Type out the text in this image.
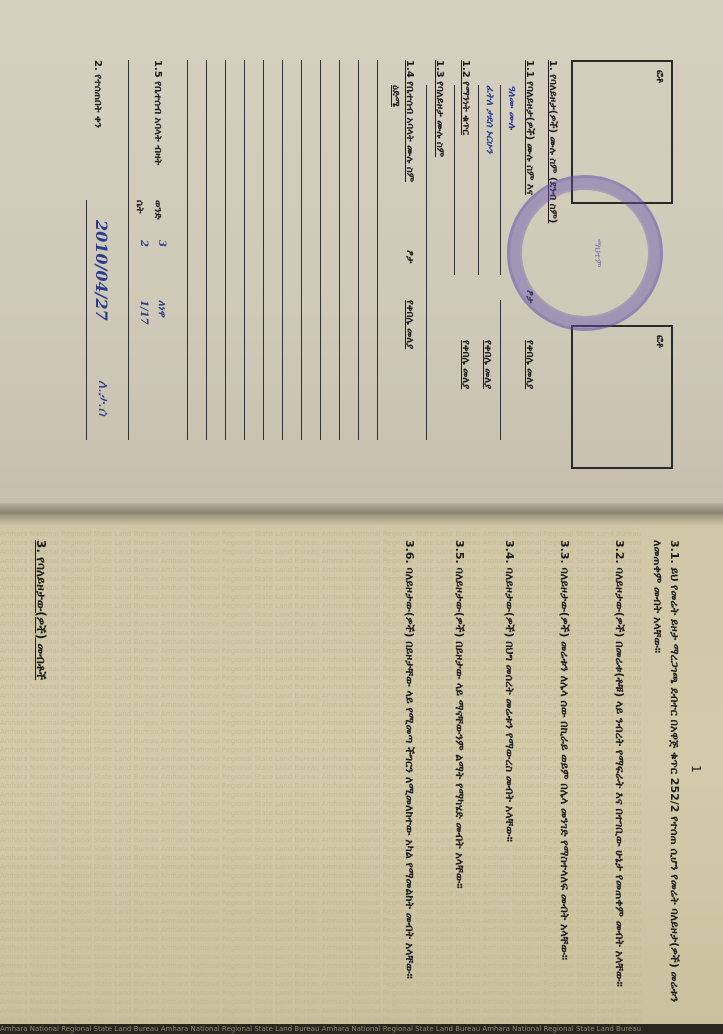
Amhara National Regional State Land Bureau Amhara National Regional State Land Bureau Amhara National Regional State Land Bureau Amhara National Regional State Land Bureau
Amhara National Regional State Land Bureau Amhara National Regional State Land Bureau Amhara National Regional State Land Bureau Amhara National Regional State Land Bureau
Amhara National Regional State Land Bureau Amhara National Regional State Land Bureau Amhara National Regional State Land Bureau Amhara National Regional State Land Bureau
Amhara National Regional State Land Bureau Amhara National Regional State Land Bureau Amhara National Regional State Land Bureau Amhara National Regional State Land Bureau
Amhara National Regional State Land Bureau Amhara National Regional State Land Bureau Amhara National Regional State Land Bureau Amhara National Regional State Land Bureau
Amhara National Regional State Land Bureau Amhara National Regional State Land Bureau Amhara National Regional State Land Bureau Amhara National Regional State Land Bureau
Amhara National Regional State Land Bureau Amhara National Regional State Land Bureau Amhara National Regional State Land Bureau Amhara National Regional State Land Bureau
Amhara National Regional State Land Bureau Amhara National Regional State Land Bureau Amhara National Regional State Land Bureau Amhara National Regional State Land Bureau
Amhara National Regional State Land Bureau Amhara National Regional State Land Bureau Amhara National Regional State Land Bureau Amhara National Regional State Land Bureau
Amhara National Regional State Land Bureau Amhara National Regional State Land Bureau Amhara National Regional State Land Bureau Amhara National Regional State Land Bureau
Amhara National Regional State Land Bureau Amhara National Regional State Land Bureau Amhara National Regional State Land Bureau Amhara National Regional State Land Bureau
Amhara National Regional State Land Bureau Amhara National Regional State Land Bureau Amhara National Regional State Land Bureau Amhara National Regional State Land Bureau
Amhara National Regional State Land Bureau Amhara National Regional State Land Bureau Amhara National Regional State Land Bureau Amhara National Regional State Land Bureau
Amhara National Regional State Land Bureau Amhara National Regional State Land Bureau Amhara National Regional State Land Bureau Amhara National Regional State Land Bureau
Amhara National Regional State Land Bureau Amhara National Regional State Land Bureau Amhara National Regional State Land Bureau Amhara National Regional State Land Bureau
Amhara National Regional State Land Bureau Amhara National Regional State Land Bureau Amhara National Regional State Land Bureau Amhara National Regional State Land Bureau
Amhara National Regional State Land Bureau Amhara National Regional State Land Bureau Amhara National Regional State Land Bureau Amhara National Regional State Land Bureau
Amhara National Regional State Land Bureau Amhara National Regional State Land Bureau Amhara National Regional State Land Bureau Amhara National Regional State Land Bureau
Amhara National Regional State Land Bureau Amhara National Regional State Land Bureau Amhara National Regional State Land Bureau Amhara National Regional State Land Bureau
Amhara National Regional State Land Bureau Amhara National Regional State Land Bureau Amhara National Regional State Land Bureau Amhara National Regional State Land Bureau
Amhara National Regional State Land Bureau Amhara National Regional State Land Bureau Amhara National Regional State Land Bureau Amhara National Regional State Land Bureau
Amhara National Regional State Land Bureau Amhara National Regional State Land Bureau Amhara National Regional State Land Bureau Amhara National Regional State Land Bureau
Amhara National Regional State Land Bureau Amhara National Regional State Land Bureau Amhara National Regional State Land Bureau Amhara National Regional State Land Bureau
Amhara National Regional State Land Bureau Amhara National Regional State Land Bureau Amhara National Regional State Land Bureau Amhara National Regional State Land Bureau
Amhara National Regional State Land Bureau Amhara National Regional State Land Bureau Amhara National Regional State Land Bureau Amhara National Regional State Land Bureau
Amhara National Regional State Land Bureau Amhara National Regional State Land Bureau Amhara National Regional State Land Bureau Amhara National Regional State Land Bureau
Amhara National Regional State Land Bureau Amhara National Regional State Land Bureau Amhara National Regional State Land Bureau Amhara National Regional State Land Bureau
Amhara National Regional State Land Bureau Amhara National Regional State Land Bureau Amhara National Regional State Land Bureau Amhara National Regional State Land Bureau
Amhara National Regional State Land Bureau Amhara National Regional State Land Bureau Amhara National Regional State Land Bureau Amhara National Regional State Land Bureau
Amhara National Regional State Land Bureau Amhara National Regional State Land Bureau Amhara National Regional State Land Bureau Amhara National Regional State Land Bureau
Amhara National Regional State Land Bureau Amhara National Regional State Land Bureau Amhara National Regional State Land Bureau Amhara National Regional State Land Bureau
Amhara National Regional State Land Bureau Amhara National Regional State Land Bureau Amhara National Regional State Land Bureau Amhara National Regional State Land Bureau
Amhara National Regional State Land Bureau Amhara National Regional State Land Bureau Amhara National Regional State Land Bureau Amhara National Regional State Land Bureau
Amhara National Regional State Land Bureau Amhara National Regional State Land Bureau Amhara National Regional State Land Bureau Amhara National Regional State Land Bureau
Amhara National Regional State Land Bureau Amhara National Regional State Land Bureau Amhara National Regional State Land Bureau Amhara National Regional State Land Bureau
Amhara National Regional State Land Bureau Amhara National Regional State Land Bureau Amhara National Regional State Land Bureau Amhara National Regional State Land Bureau
Amhara National Regional State Land Bureau Amhara National Regional State Land Bureau Amhara National Regional State Land Bureau Amhara National Regional State Land Bureau
Amhara National Regional State Land Bureau Amhara National Regional State Land Bureau Amhara National Regional State Land Bureau Amhara National Regional State Land Bureau
Amhara National Regional State Land Bureau Amhara National Regional State Land Bureau Amhara National Regional State Land Bureau Amhara National Regional State Land Bureau
Amhara National Regional State Land Bureau Amhara National Regional State Land Bureau Amhara National Regional State Land Bureau Amhara National Regional State Land Bureau
Amhara National Regional State Land Bureau Amhara National Regional State Land Bureau Amhara National Regional State Land Bureau Amhara National Regional State Land Bureau
Amhara National Regional State Land Bureau Amhara National Regional State Land Bureau Amhara National Regional State Land Bureau Amhara National Regional State Land Bureau
Amhara National Regional State Land Bureau Amhara National Regional State Land Bureau Amhara National Regional State Land Bureau Amhara National Regional State Land Bureau
Amhara National Regional State Land Bureau Amhara National Regional State Land Bureau Amhara National Regional State Land Bureau Amhara National Regional State Land Bureau
Amhara National Regional State Land Bureau Amhara National Regional State Land Bureau Amhara National Regional State Land Bureau Amhara National Regional State Land Bureau
Amhara National Regional State Land Bureau Amhara National Regional State Land Bureau Amhara National Regional State Land Bureau Amhara National Regional State Land Bureau
Amhara National Regional State Land Bureau Amhara National Regional State Land Bureau Amhara National Regional State Land Bureau Amhara National Regional State Land Bureau
Amhara National Regional State Land Bureau Amhara National Regional State Land Bureau Amhara National Regional State Land Bureau Amhara National Regional State Land Bureau
Amhara National Regional State Land Bureau Amhara National Regional State Land Bureau Amhara National Regional State Land Bureau Amhara National Regional State Land Bureau
Amhara National Regional State Land Bureau Amhara National Regional State Land Bureau Amhara National Regional State Land Bureau Amhara National Regional State Land Bureau
Amhara National Regional State Land Bureau Amhara National Regional State Land Bureau Amhara National Regional State Land Bureau Amhara National Regional State Land Bureau
Amhara National Regional State Land Bureau Amhara National Regional State Land Bureau Amhara National Regional State Land Bureau Amhara National Regional State Land Bureau
Amhara National Regional State Land Bureau Amhara National Regional State Land Bureau Amhara National Regional State Land Bureau Amhara National Regional State Land Bureau
Amhara National Regional State Land Bureau Amhara National Regional State Land Bureau Amhara National Regional State Land Bureau Amhara National Regional State Land Bureau
Amhara National Regional State Land Bureau Amhara National Regional State Land Bureau Amhara National Regional State Land Bureau Amhara National Regional State Land Bureau
Amhara National Regional State Land Bureau Amhara National Regional State Land Bureau Amhara National Regional State Land Bureau Amhara National Regional State Land Bureau
ፎቶ
ፎቶ
1. የባለይዞታ(ዎች) ሙሉ ስም (ደንብ ስም)
1.1 የባለይዞታ(ዎች) ሙሉ ስም እና
ፆታ
የቀበሌ መለያ
ዓለሙ ሙሉ
ፈትለ ታደሰ ኑርሁን
የቀበሌ መለያ
1.2 የማንነት ቁጥር
የቀበሌ መለያ
1.3 የባለይዞታ ሙሉ ስም
1.4 የቤተሰብ አባላት ሙሉ ስም
ፆታ
የቀበሌ መለያ
ዕድሜ
1.5 የቤተሰብ አባላት ብዛት
ወንድ
3
ለነዋ
ሴት
2
1/17
2. የተሰጠበት ቀን
2010/04/27	ማህተም
ለ.ታ.ሰ
1
3. የባለይዞታው(ዎች) መብቶች	3.1. ይህ የመሬት ይዞታ ማረጋገጫ ደብተር በአዋጅ ቁጥር 252/2 የተሰጠ ሲሆን የመሬት ባለይዞታ(ዎች) መሬቱን ለመጠቀም መብት አላቸው።
3.2. ባለይዞታው(ዎች) በመሬቱ(ቶቹ) ላይ ንብረት የማፍራት እና በተገቢው ሁኔታ የመጠቀም መብት አላቸው።
3.3. ባለይዞታው(ዎች) መሬቱን ለሌላ ሰው በኪራይ ወይም በሌላ መንገድ የማስተላለፍ መብት አላቸው።
3.4. ባለይዞታው(ዎች) በህግ መሰረት መሬቱን የማውረስ መብት አላቸው።
3.5. ባለይዞታው(ዎች) በይዞታው ላይ ማናቸውንም ልማት የማካሄድ መብት አላቸው።
3.6. ባለይዞታው(ዎች) በይዞታቸው ላይ የሚመጣ ችግርን ለሚመለከተው አካል የማመልከት መብት አላቸው።
